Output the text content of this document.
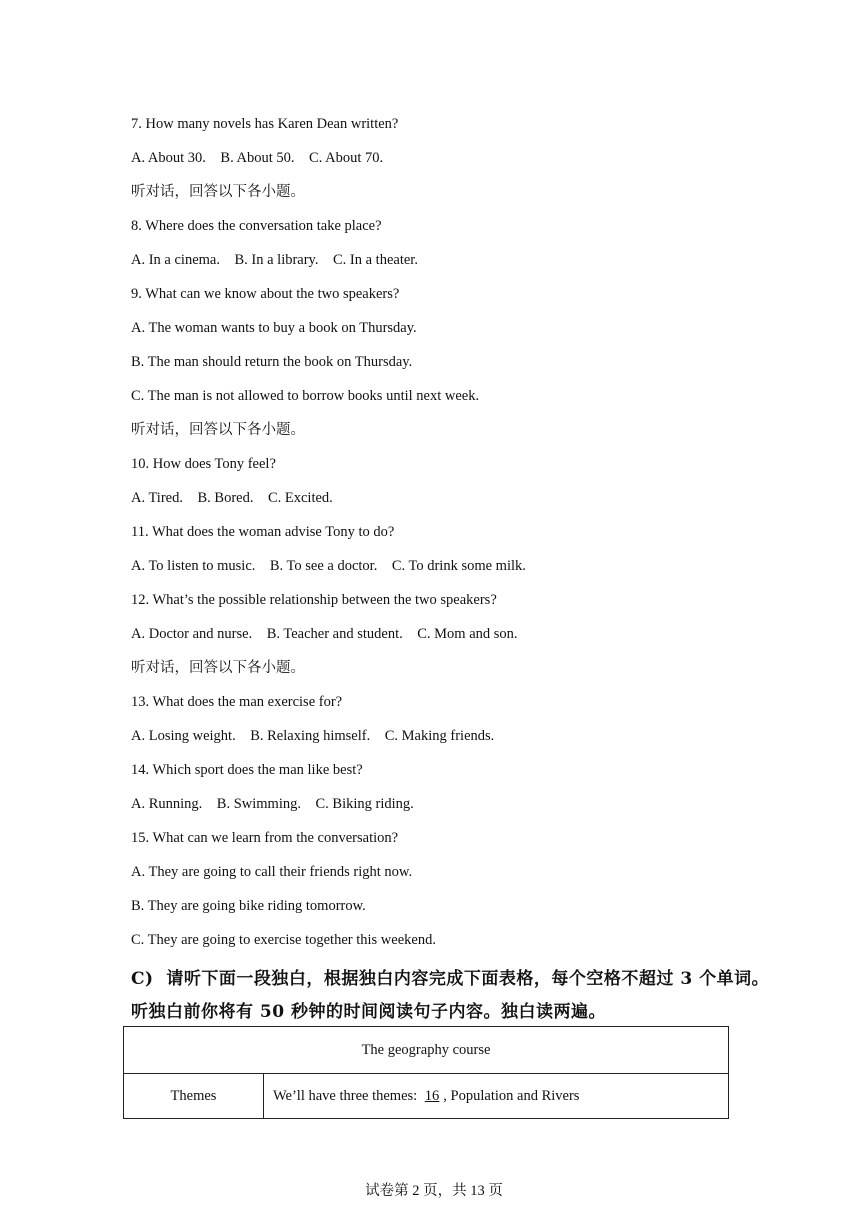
7. How many novels has Karen Dean written?
A. About 30.    B. About 50.    C. About 70.
听对话，回答以下各小题。
8. Where does the conversation take place?
A. In a cinema.    B. In a library.    C. In a theater.
9. What can we know about the two speakers?
A. The woman wants to buy a book on Thursday.
B. The man should return the book on Thursday.
C. The man is not allowed to borrow books until next week.
听对话，回答以下各小题。
10. How does Tony feel?
A. Tired.    B. Bored.    C. Excited.
11. What does the woman advise Tony to do?
A. To listen to music.    B. To see a doctor.    C. To drink some milk.
12. What’s the possible relationship between the two speakers?
A. Doctor and nurse.    B. Teacher and student.    C. Mom and son.
听对话，回答以下各小题。
13. What does the man exercise for?
A. Losing weight.    B. Relaxing himself.    C. Making friends.
14. Which sport does the man like best?
A. Running.    B. Swimming.    C. Biking riding.
15. What can we learn from the conversation?
A. They are going to call their friends right now.
B. They are going bike riding tomorrow.
C. They are going to exercise together this weekend.
C)  请听下面一段独白，根据独白内容完成下面表格，每个空格不超过 3 个单词。
听独白前你将有 50 秒钟的时间阅读句子内容。独白读两遍。
The geography course
Themes	We’ll have three themes: 16 , Population and Rivers
试卷第 2 页，共 13 页
